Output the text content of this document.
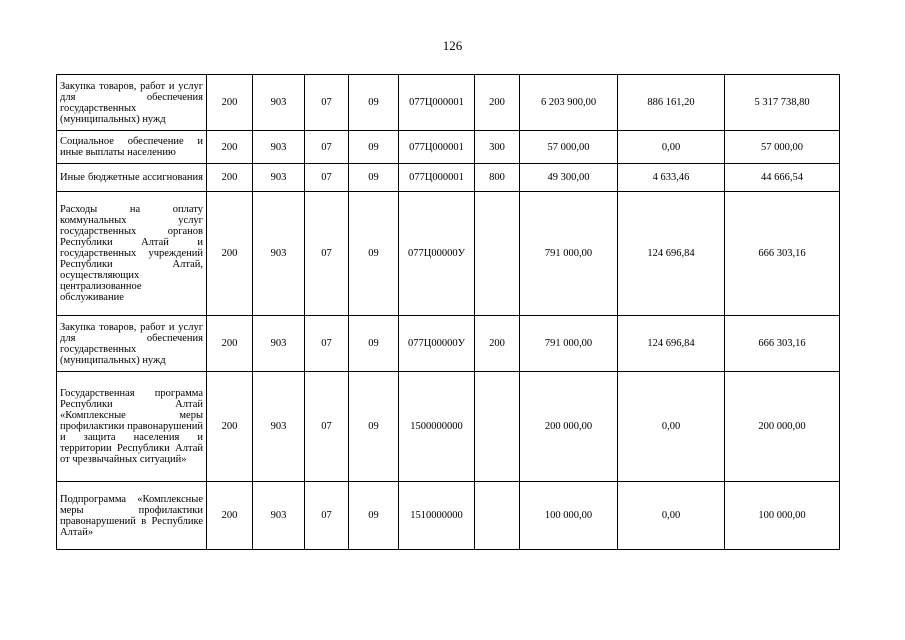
126
Закупка товаров, работ и услуг для обеспечения государственных (муниципальных) нужд	200	903	07	09	077Ц000001	200	6 203 900,00	886 161,20	5 317 738,80
Социальное обеспечение и иные выплаты населению	200	903	07	09	077Ц000001	300	57 000,00	0,00	57 000,00
Иные бюджетные ассигнования	200	903	07	09	077Ц000001	800	49 300,00	4 633,46	44 666,54
Расходы на оплату коммунальных услуг государственных органов Республики Алтай и государственных учреждений Республики Алтай, осуществляющих централизованное обслуживание	200	903	07	09	077Ц00000У		791 000,00	124 696,84	666 303,16
Закупка товаров, работ и услуг для обеспечения государственных (муниципальных) нужд	200	903	07	09	077Ц00000У	200	791 000,00	124 696,84	666 303,16
Государственная программа Республики Алтай «Комплексные меры профилактики правонарушений и защита населения и территории Республики Алтай от чрезвычайных ситуаций»	200	903	07	09	1500000000		200 000,00	0,00	200 000,00
Подпрограмма «Комплексные меры профилактики правонарушений в Республике Алтай»	200	903	07	09	1510000000		100 000,00	0,00	100 000,00
